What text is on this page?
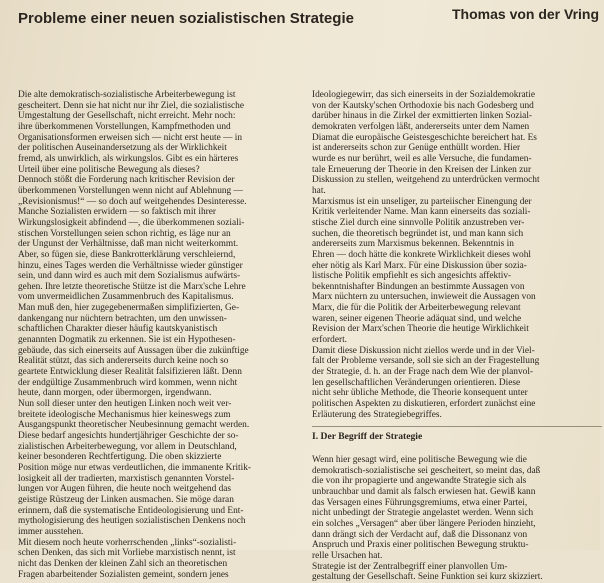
Probleme einer neuen sozialistischen Strategie	Thomas von der Vring
Die alte demokratisch-sozialistische Arbeiterbewegung ist
gescheitert. Denn sie hat nicht nur ihr Ziel, die sozialistische
Umgestaltung der Gesellschaft, nicht erreicht. Mehr noch:
ihre überkommenen Vorstellungen, Kampfmethoden und
Organisationsformen erweisen sich — nicht erst heute — in
der politischen Auseinandersetzung als der Wirklichkeit
fremd, als unwirklich, als wirkungslos. Gibt es ein härteres
Urteil über eine politische Bewegung als dieses?
Dennoch stößt die Forderung nach kritischer Revision der
überkommenen Vorstellungen wenn nicht auf Ablehnung —
„Revisionismus!“ — so doch auf weitgehendes Desinteresse.
Manche Sozialisten erwidern — so faktisch mit ihrer
Wirkungslosigkeit abfindend —, die überkommenen soziali-
stischen Vorstellungen seien schon richtig, es läge nur an
der Ungunst der Verhältnisse, daß man nicht weiterkommt.
Aber, so fügen sie, diese Bankrotterklärung verschleiernd,
hinzu, eines Tages werden die Verhältnisse wieder günstiger
sein, und dann wird es auch mit dem Sozialismus aufwärts-
gehen. Ihre letzte theoretische Stütze ist die Marx'sche Lehre
vom unvermeidlichen Zusammenbruch des Kapitalismus.
Man muß den, hier zugegebenermaßen simplifizierten, Ge-
dankengang nur nüchtern betrachten, um den unwissen-
schaftlichen Charakter dieser häufig kautskyanistisch
genannten Dogmatik zu erkennen. Sie ist ein Hypothesen-
gebäude, das sich einerseits auf Aussagen über die zukünftige
Realität stützt, das sich andererseits durch keine noch so
geartete Entwicklung dieser Realität falsifizieren läßt. Denn
der endgültige Zusammenbruch wird kommen, wenn nicht
heute, dann morgen, oder übermorgen, irgendwann.
Nun soll dieser unter den heutigen Linken noch weit ver-
breitete ideologische Mechanismus hier keineswegs zum
Ausgangspunkt theoretischer Neubesinnung gemacht werden.
Diese bedarf angesichts hundertjähriger Geschichte der so-
zialistischen Arbeiterbewegung, vor allem in Deutschland,
keiner besonderen Rechtfertigung. Die oben skizzierte
Position möge nur etwas verdeutlichen, die immanente Kritik-
losigkeit all der tradierten, marxistisch genannten Vorstel-
lungen vor Augen führen, die heute noch weitgehend das
geistige Rüstzeug der Linken ausmachen. Sie möge daran
erinnern, daß die systematische Entideologisierung und Ent-
mythologisierung des heutigen sozialistischen Denkens noch
immer ausstehen.
Mit diesem noch heute vorherrschenden „links“-sozialisti-
schen Denken, das sich mit Vorliebe marxistisch nennt, ist
nicht das Denken der kleinen Zahl sich an theoretischen
Fragen abarbeitender Sozialisten gemeint, sondern jenes
Ideologiegewirr, das sich einerseits in der Sozialdemokratie
von der Kautsky'schen Orthodoxie bis nach Godesberg und
darüber hinaus in die Zirkel der exmittierten linken Sozial-
demokraten verfolgen läßt, andererseits unter dem Namen
Diamat die europäische Geistesgeschichte bereichert hat. Es
ist andererseits schon zur Genüge enthüllt worden. Hier
wurde es nur berührt, weil es alle Versuche, die fundamen-
tale Erneuerung der Theorie in den Kreisen der Linken zur
Diskussion zu stellen, weitgehend zu unterdrücken vermocht
hat.
Marxismus ist ein unseliger, zu parteiischer Einengung der
Kritik verleitender Name. Man kann einerseits das soziali-
stische Ziel durch eine sinnvolle Politik anzustreben ver-
suchen, die theoretisch begründet ist, und man kann sich
andererseits zum Marxismus bekennen. Bekenntnis in
Ehren — doch hätte die konkrete Wirklichkeit dieses wohl
eher nötig als Karl Marx. Für eine Diskussion über sozia-
listische Politik empfiehlt es sich angesichts affektiv-
bekenntnishafter Bindungen an bestimmte Aussagen von
Marx nüchtern zu untersuchen, inwieweit die Aussagen von
Marx, die für die Politik der Arbeiterbewegung relevant
waren, seiner eigenen Theorie adäquat sind, und welche
Revision der Marx'schen Theorie die heutige Wirklichkeit
erfordert.
Damit diese Diskussion nicht ziellos werde und in der Viel-
falt der Probleme versande, soll sie sich an der Fragestellung
der Strategie, d. h. an der Frage nach dem Wie der planvol-
len gesellschaftlichen Veränderungen orientieren. Diese
nicht sehr übliche Methode, die Theorie konsequent unter
politischen Aspekten zu diskutieren, erfordert zunächst eine
Erläuterung des Strategiebegriffes.
I. Der Begriff der Strategie
Wenn hier gesagt wird, eine politische Bewegung wie die
demokratisch-sozialistische sei gescheitert, so meint das, daß
die von ihr propagierte und angewandte Strategie sich als
unbrauchbar und damit als falsch erwiesen hat. Gewiß kann
das Versagen eines Führungsgremiums, etwa einer Partei,
nicht unbedingt der Strategie angelastet werden. Wenn sich
ein solches „Versagen“ aber über längere Perioden hinzieht,
dann drängt sich der Verdacht auf, daß die Dissonanz von
Anspruch und Praxis einer politischen Bewegung struktu-
relle Ursachen hat.
Strategie ist der Zentralbegriff einer planvollen Um-
gestaltung der Gesellschaft. Seine Funktion sei kurz skizziert.
